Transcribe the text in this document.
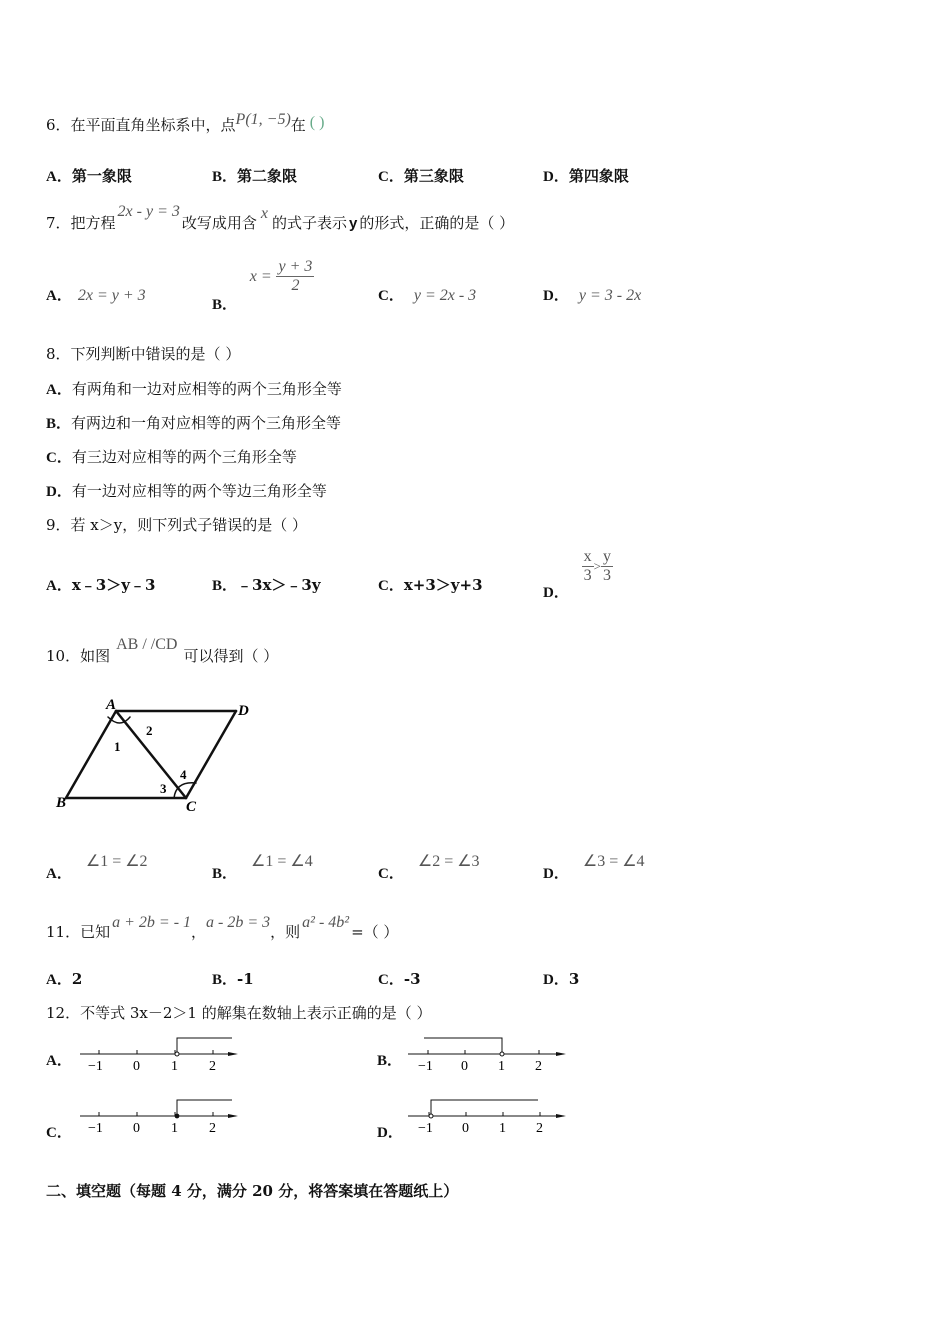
6．在平面直角坐标系中，点P(1, −5)在 ( )
A．第一象限	B．第二象限	C．第三象限	D．第四象限
7．把方程2x - y = 3改写成用含x的式子表示 y 的形式，正确的是（ ）
A． 2x = y + 3
B． $x = \frac{y + 3}{2}$
C． y = 2x - 3	D． y = 3 - 2x
8．下列判断中错误的是（ ）
A．有两角和一边对应相等的两个三角形全等
B．有两边和一角对应相等的两个三角形全等
C．有三边对应相等的两个三角形全等
D．有一边对应相等的两个等边三角形全等
9．若 x＞y，则下列式子错误的是（ ）
A．x﹣3＞y﹣3	B．﹣3x＞﹣3y	C．x+3＞y+3	D．
$\frac{x}{3} > \frac{y}{3}$
10．如图AB / /CD可以得到（ ）
A	D
B	C
1
2
3
4
A．∠1 = ∠2
B．∠1 = ∠4
C．∠2 = ∠3
D．∠3 = ∠4
11．已知a + 2b = - 1，a - 2b = 3，则a² - 4b²=（ ）
A．2	B．-1	C．-3	D．3
12．不等式 3x－2＞1 的解集在数轴上表示正确的是（ ）
A．	B．
C．	D．
−1 0 1 2	−1 0 1 2
−1 0 1 2	−1 0 1 2
二、填空题（每题 4 分，满分 20 分，将答案填在答题纸上）
